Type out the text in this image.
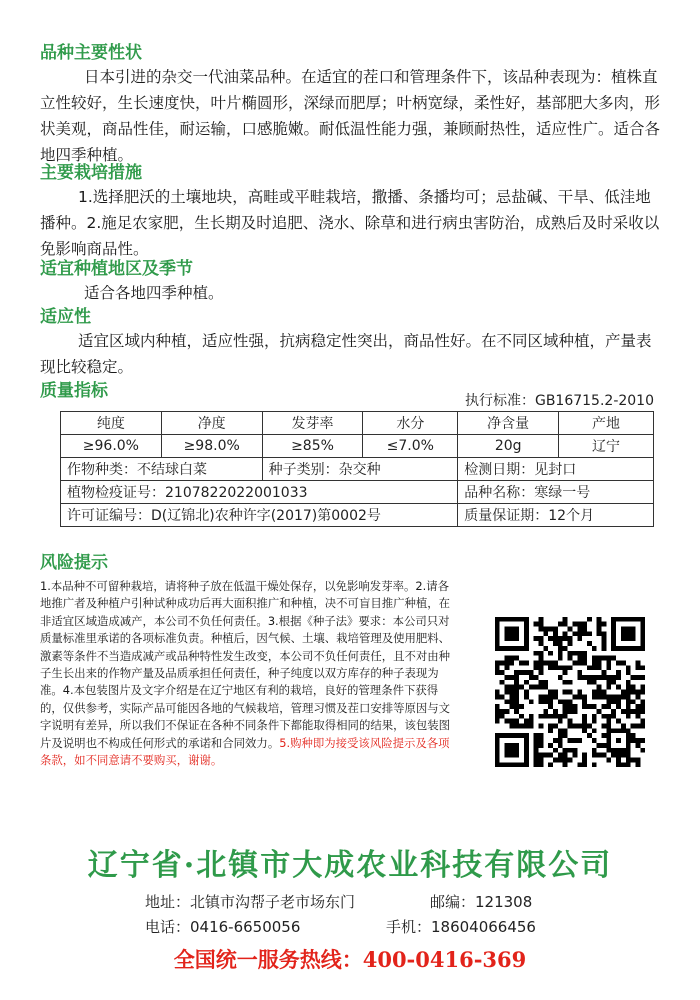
品种主要性状
日本引进的杂交一代油菜品种。在适宜的茬口和管理条件下，该品种表现为：植株直立性较好，生长速度快，叶片椭圆形，深绿而肥厚；叶柄宽绿，柔性好，基部肥大多肉，形状美观，商品性佳，耐运输，口感脆嫩。耐低温性能力强，兼顾耐热性，适应性广。适合各地四季种植。
主要栽培措施
1.选择肥沃的土壤地块，高畦或平畦栽培，撒播、条播均可；忌盐碱、干旱、低洼地播种。2.施足农家肥，生长期及时追肥、浇水、除草和进行病虫害防治，成熟后及时采收以免影响商品性。
适宜种植地区及季节
适合各地四季种植。
适应性
适宜区域内种植，适应性强，抗病稳定性突出，商品性好。在不同区域种植，产量表现比较稳定。
质量指标	执行标准：GB16715.2-2010
纯度	净度	发芽率	水分	净含量	产地
≥96.0%	≥98.0%	≥85%	≤7.0%	20g	辽宁
作物种类：不结球白菜		种子类别：杂交种		检测日期：见封口	
植物检疫证号：2107822022001033				品种名称：寒绿一号	
许可证编号：D(辽锦北)农种许字(2017)第0002号				质量保证期：12个月	
风险提示
1.本品种不可留种栽培，请将种子放在低温干燥处保存，以免影响发芽率。2.请各地推广者及种植户引种试种成功后再大面积推广和种植，决不可盲目推广种植，在非适宜区域造成减产，本公司不负任何责任。3.根据《种子法》要求：本公司只对质量标准里承诺的各项标准负责。种植后，因气候、土壤、栽培管理及使用肥料、激素等条件不当造成减产或品种特性发生改变，本公司不负任何责任，且不对由种子生长出来的作物产量及品质承担任何责任，种子纯度以双方库存的种子表现为准。4.本包装图片及文字介绍是在辽宁地区有利的栽培，良好的管理条件下获得的，仅供参考，实际产品可能因各地的气候栽培，管理习惯及茬口安排等原因与文字说明有差异，所以我们不保证在各种不同条件下都能取得相同的结果，该包装图片及说明也不构成任何形式的承诺和合同效力。5.购种即为接受该风险提示及各项条款，如不同意请不要购买，谢谢。
辽宁省·北镇市大成农业科技有限公司
地址：北镇市沟帮子老市场东门	邮编：121308
电话：0416-6650056	手机：18604066456
全国统一服务热线：400-0416-369
